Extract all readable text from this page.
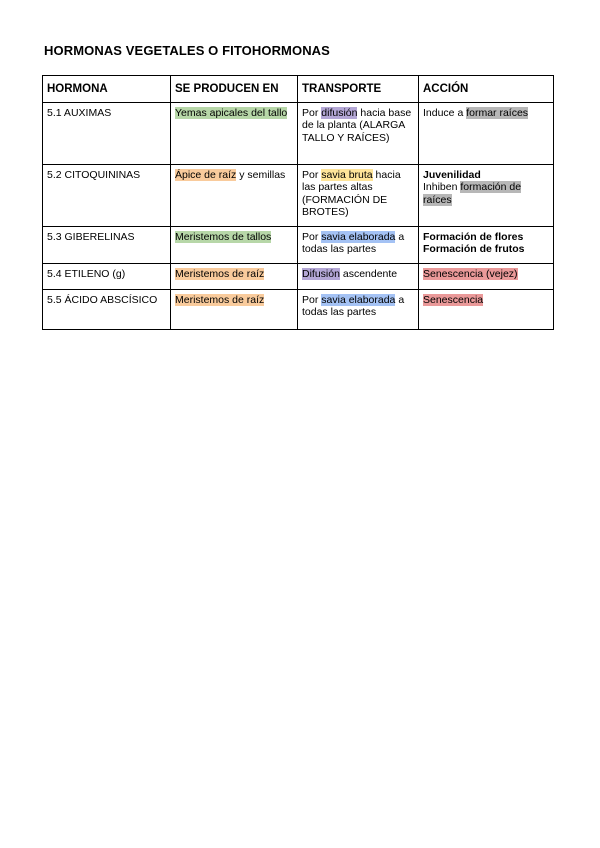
HORMONAS VEGETALES O FITOHORMONAS
HORMONA	SE PRODUCEN EN	TRANSPORTE	ACCIÓN
5.1 AUXIMAS	Yemas apicales del tallo	Por difusión hacia base de la planta (ALARGA TALLO Y RAÍCES)	Induce a formar raíces
5.2 CITOQUININAS	Ápice de raíz y semillas	Por savia bruta hacia las partes altas (FORMACIÓN DE BROTES)	Juvenilidad
Inhiben formación de raíces
5.3 GIBERELINAS	Meristemos de tallos	Por savia elaborada a todas las partes	Formación de flores
Formación de frutos

5.4 ETILENO (g)	Meristemos de raíz	Difusión ascendente	Senescencia (vejez)
5.5 ÁCIDO ABSCÍSICO	Meristemos de raíz	Por savia elaborada a todas las partes	Senescencia
